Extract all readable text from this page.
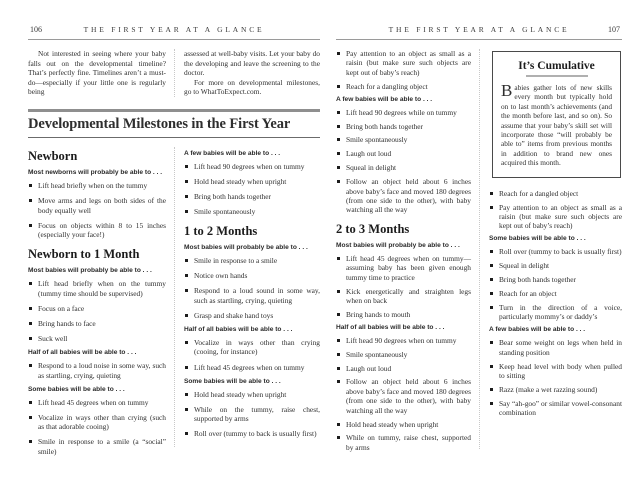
106	THE FIRST YEAR AT A GLANCE

Not interested in seeing where your baby falls out on the developmental timeline? That’s perfectly fine. Timelines aren’t a must-do—especially if your little one is regularly being

assessed at well-baby visits. Let your baby do the developing and leave the screening to the doctor.

For more on developmental milestones, go to WhatToExpect.com.

Developmental Milestones in the First Year
Newborn
Most newborns will probably be able to . . .
Lift head briefly when on the tummy
Move arms and legs on both sides of the body equally well
Focus on objects within 8 to 15 inches (especially your face!)
Newborn to 1 Month
Most babies will probably be able to . . .
Lift head briefly when on the tummy (tummy time should be supervised)
Focus on a face
Bring hands to face
Suck well
Half of all babies will be able to . . .
Respond to a loud noise in some way, such as startling, crying, quieting
Some babies will be able to . . .
Lift head 45 degrees when on tummy
Vocalize in ways other than crying (such as that adorable cooing)
Smile in response to a smile (a “social” smile)
A few babies will be able to . . .
Lift head 90 degrees when on tummy
Hold head steady when upright
Bring both hands together
Smile spontaneously
1 to 2 Months
Most babies will probably be able to . . .
Smile in response to a smile
Notice own hands
Respond to a loud sound in some way, such as startling, crying, quieting
Grasp and shake hand toys
Half of all babies will be able to . . .
Vocalize in ways other than crying (cooing, for instance)
Lift head 45 degrees when on tummy
Some babies will be able to . . .
Hold head steady when upright
While on the tummy, raise chest, supported by arms
Roll over (tummy to back is usually first)
THE FIRST YEAR AT A GLANCE	107
Pay attention to an object as small as a raisin (but make sure such objects are kept out of baby’s reach)
Reach for a dangling object
A few babies will be able to . . .
Lift head 90 degrees while on tummy
Bring both hands together
Smile spontaneously
Laugh out loud
Squeal in delight
Follow an object held about 6 inches above baby’s face and moved 180 degrees (from one side to the other), with baby watching all the way
2 to 3 Months
Most babies will probably be able to . . .
Lift head 45 degrees when on tummy—assuming baby has been given enough tummy time to practice
Kick energetically and straighten legs when on back
Bring hands to mouth
Half of all babies will be able to . . .
Lift head 90 degrees when on tummy
Smile spontaneously
Laugh out loud
Follow an object held about 6 inches above baby’s face and moved 180 degrees (from one side to the other), with baby watching all the way
Hold head steady when upright
While on tummy, raise chest, supported by arms
It’s Cumulative

Babies gather lots of new skills every month but typically hold on to last month’s achievements (and the month before last, and so on). So assume that your baby’s skill set will incorporate those “will probably be able to” items from previous months in addition to brand new ones acquired this month.

Reach for a dangled object
Pay attention to an object as small as a raisin (but make sure such objects are kept out of baby’s reach)
Some babies will be able to . . .
Roll over (tummy to back is usually first)
Squeal in delight
Bring both hands together
Reach for an object
Turn in the direction of a voice, particularly mommy’s or daddy’s
A few babies will be able to . . .
Bear some weight on legs when held in standing position
Keep head level with body when pulled to sitting
Razz (make a wet razzing sound)
Say “ah-goo” or similar vowel-consonant combination
